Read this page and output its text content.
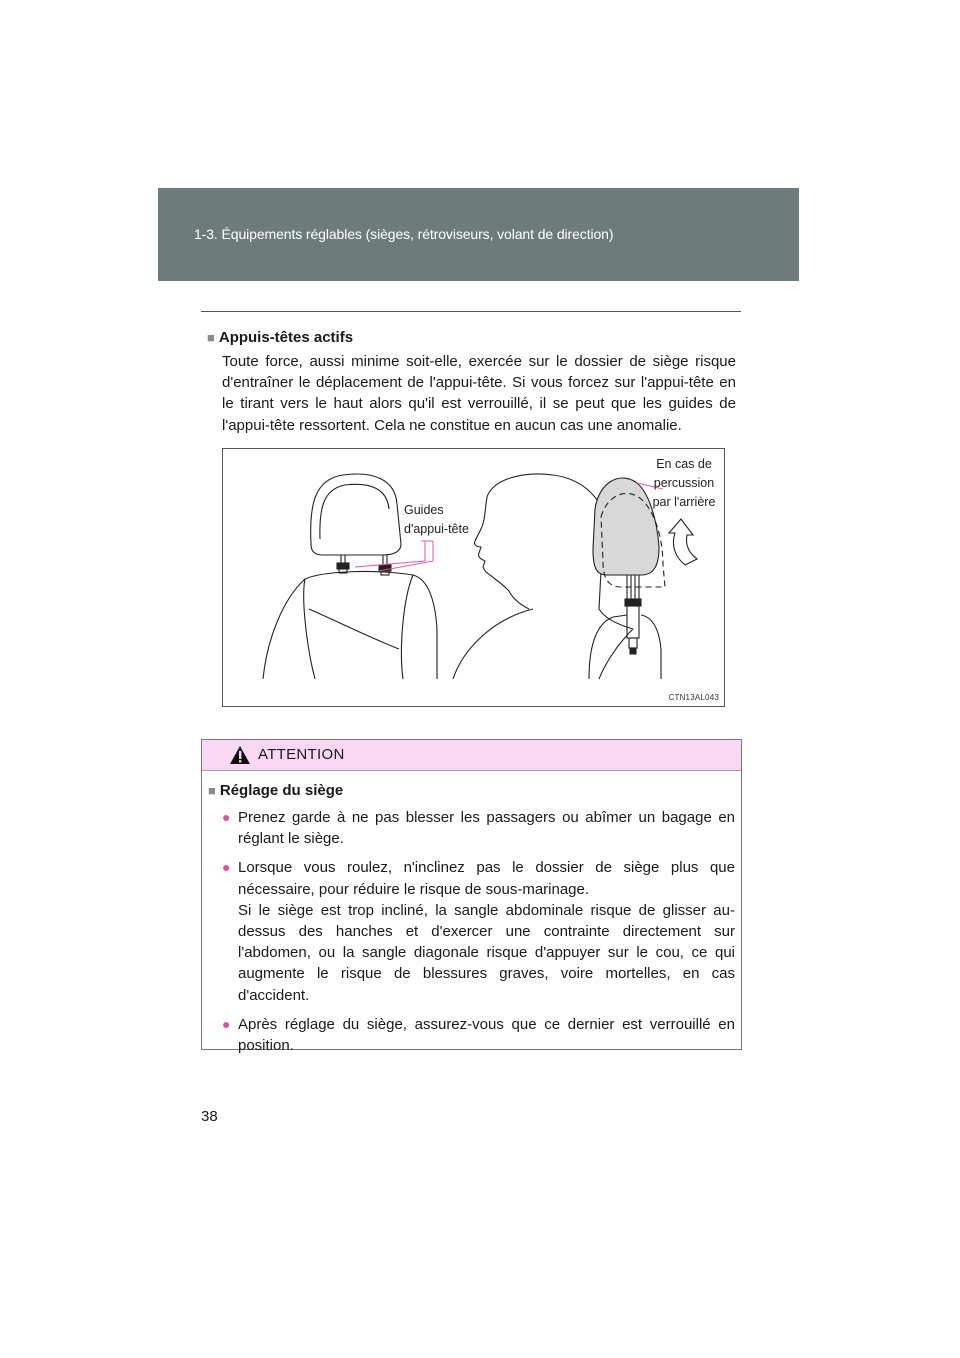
1-3. Équipements réglables (sièges, rétroviseurs, volant de direction)
■ Appuis-têtes actifs
Toute force, aussi minime soit-elle, exercée sur le dossier de siège risque d'entraîner le déplacement de l'appui-tête. Si vous forcez sur l'appui-tête en le tirant vers le haut alors qu'il est verrouillé, il se peut que les guides de l'appui-tête ressortent. Cela ne constitue en aucun cas une anomalie.
Guides
d'appui-tête
En cas de
percussion
par l'arrière
CTN13AL043
ATTENTION
■ Réglage du siège
● Prenez garde à ne pas blesser les passagers ou abîmer un bagage en réglant le siège.
● Lorsque vous roulez, n'inclinez pas le dossier de siège plus que nécessaire, pour réduire le risque de sous-marinage.
Si le siège est trop incliné, la sangle abdominale risque de glisser au-dessus des hanches et d'exercer une contrainte directement sur l'abdomen, ou la sangle diagonale risque d'appuyer sur le cou, ce qui augmente le risque de blessures graves, voire mortelles, en cas d'accident.
● Après réglage du siège, assurez-vous que ce dernier est verrouillé en position.
38
